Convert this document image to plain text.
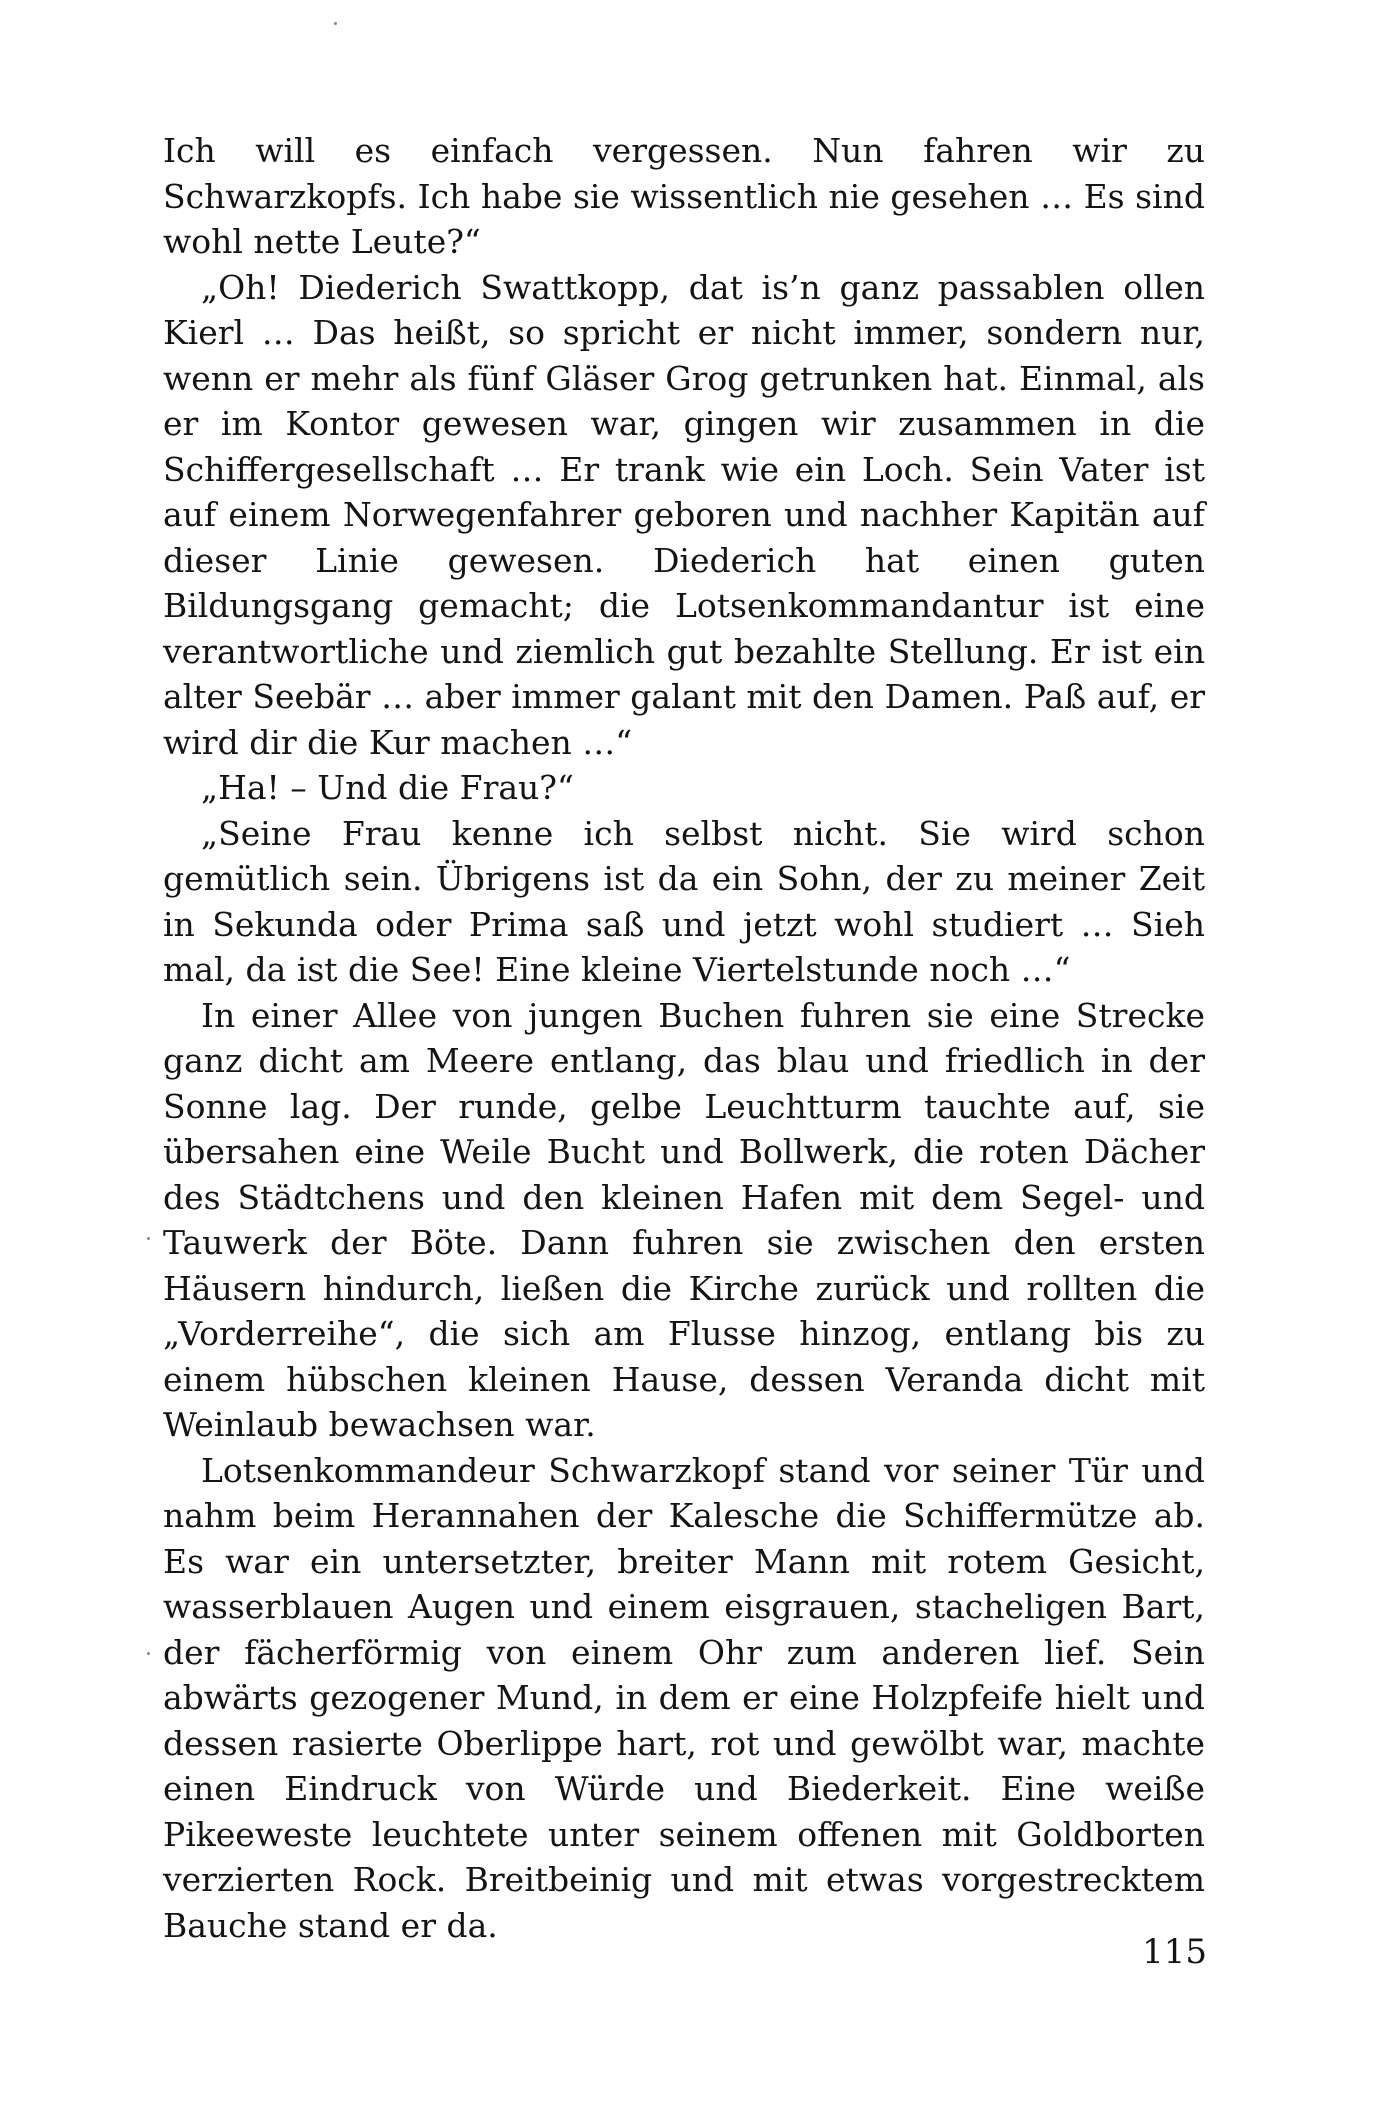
Ich will es einfach vergessen. Nun fahren wir zu Schwarzkopfs. Ich habe sie wissentlich nie gesehen … Es sind wohl nette Leute?“

„Oh! Diederich Swattkopp, dat is’n ganz passablen ollen Kierl … Das heißt, so spricht er nicht immer, sondern nur, wenn er mehr als fünf Gläser Grog getrunken hat. Einmal, als er im Kontor gewesen war, gingen wir zusammen in die Schiffergesellschaft … Er trank wie ein Loch. Sein Vater ist auf einem Norwegenfahrer geboren und nachher Kapitän auf dieser Linie gewesen. Diederich hat einen guten Bildungsgang gemacht; die Lotsenkommandantur ist eine verantwortliche und ziemlich gut bezahlte Stellung. Er ist ein alter Seebär … aber immer galant mit den Damen. Paß auf, er wird dir die Kur machen …“

„Ha! – Und die Frau?“

„Seine Frau kenne ich selbst nicht. Sie wird schon gemütlich sein. Übrigens ist da ein Sohn, der zu meiner Zeit in Sekunda oder Prima saß und jetzt wohl studiert … Sieh mal, da ist die See! Eine kleine Viertelstunde noch …“

In einer Allee von jungen Buchen fuhren sie eine Strecke ganz dicht am Meere entlang, das blau und friedlich in der Sonne lag. Der runde, gelbe Leuchtturm tauchte auf, sie übersahen eine Weile Bucht und Bollwerk, die roten Dächer des Städtchens und den kleinen Hafen mit dem Segel- und Tauwerk der Böte. Dann fuhren sie zwischen den ersten Häusern hindurch, ließen die Kirche zurück und rollten die „Vorderreihe“, die sich am Flusse hinzog, entlang bis zu einem hübschen kleinen Hause, dessen Veranda dicht mit Weinlaub bewachsen war.

Lotsenkommandeur Schwarzkopf stand vor seiner Tür und nahm beim Herannahen der Kalesche die Schiffermütze ab. Es war ein untersetzter, breiter Mann mit rotem Gesicht, wasserblauen Augen und einem eisgrauen, stacheligen Bart, der fächerförmig von einem Ohr zum anderen lief. Sein abwärts gezogener Mund, in dem er eine Holzpfeife hielt und dessen rasierte Oberlippe hart, rot und gewölbt war, machte einen Eindruck von Würde und Biederkeit. Eine weiße Pikeeweste leuchtete unter seinem offenen mit Goldborten verzierten Rock. Breitbeinig und mit etwas vorgestrecktem Bauche stand er da.

115
